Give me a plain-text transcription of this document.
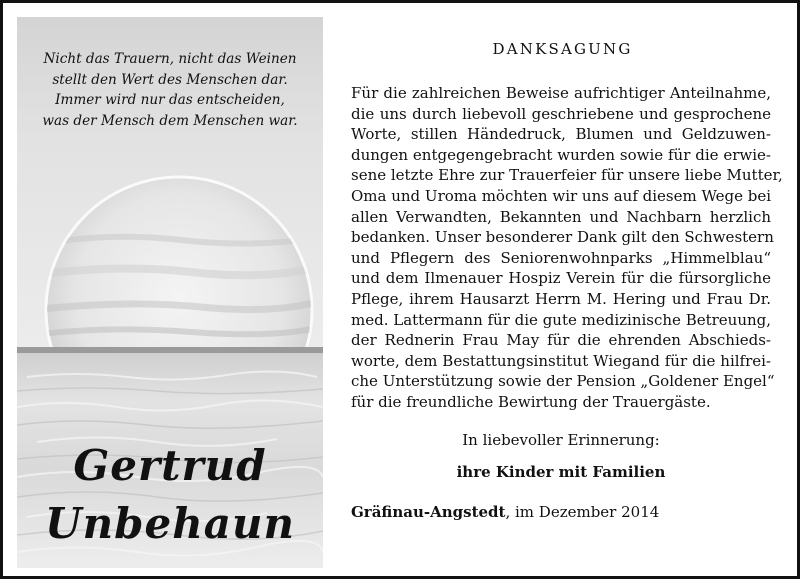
Nicht das Trauern, nicht das Weinen
stellt den Wert des Menschen dar.
Immer wird nur das entscheiden,
was der Mensch dem Menschen war.
Gertrud
Unbehaun
DANKSAGUNG
Für die zahlreichen Beweise aufrichtiger Anteilnahme,
die uns durch liebevoll geschriebene und gesprochene
Worte, stillen Händedruck, Blumen und Geldzuwen-
dungen entgegengebracht wurden sowie für die erwie-
sene letzte Ehre zur Trauerfeier für unsere liebe Mutter,
Oma und Uroma möchten wir uns auf diesem Wege bei
allen Verwandten, Bekannten und Nachbarn herzlich
bedanken. Unser besonderer Dank gilt den Schwestern
und Pflegern des Seniorenwohnparks „Himmelblau“
und dem Ilmenauer Hospiz Verein für die fürsorgliche
Pflege, ihrem Hausarzt Herrn M. Hering und Frau Dr.
med. Lattermann für die gute medizinische Betreuung,
der Rednerin Frau May für die ehrenden Abschieds-
worte, dem Bestattungsinstitut Wiegand für die hilfrei-
che Unterstützung sowie der Pension „Goldener Engel“
für die freundliche Bewirtung der Trauergäste.
In liebevoller Erinnerung:
ihre Kinder mit Familien
Gräfinau-Angstedt, im Dezember 2014
